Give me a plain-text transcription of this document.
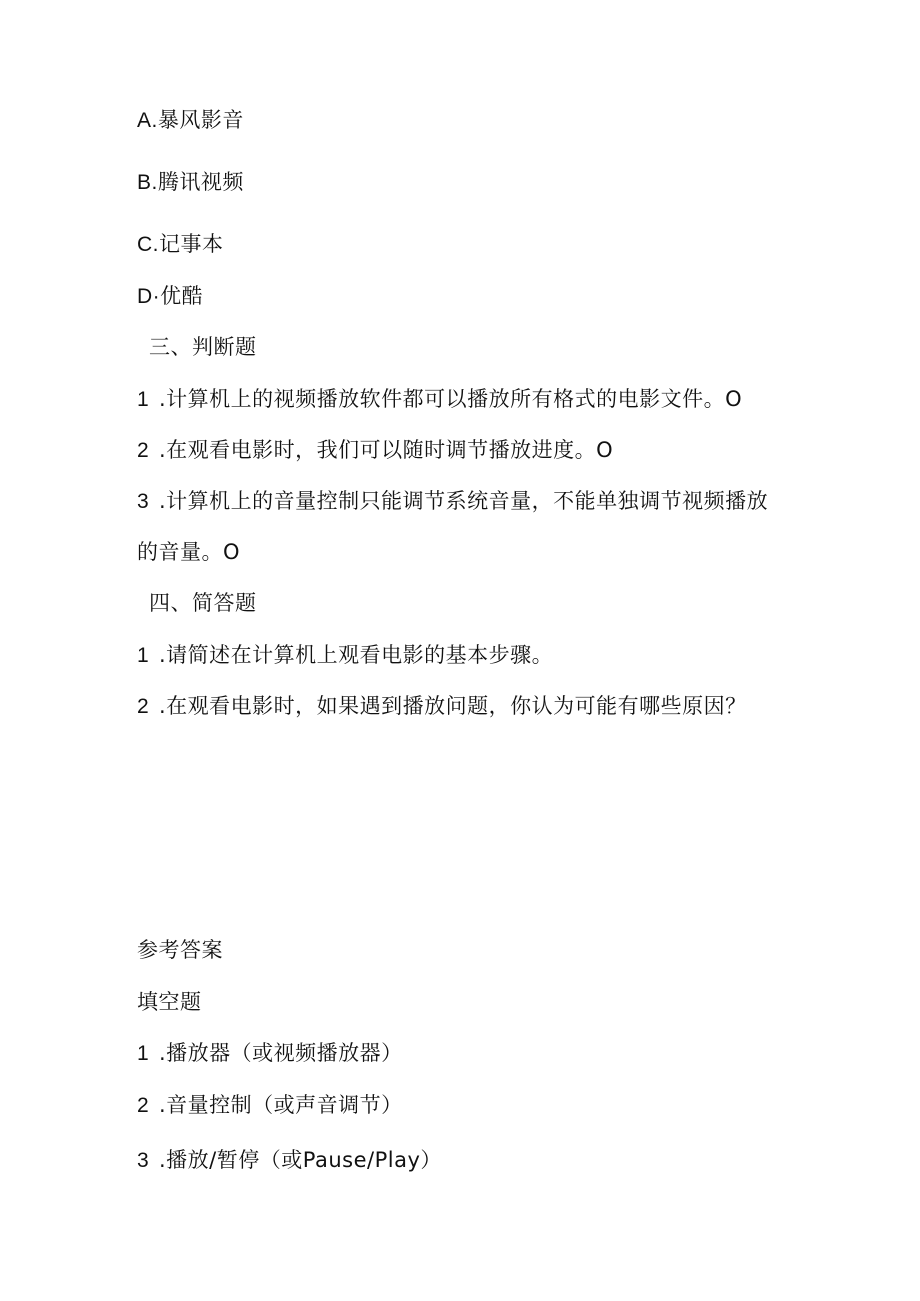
A.暴风影音
B.腾讯视频
C.记事本
D·优酷
三、判断题
1 .计算机上的视频播放软件都可以播放所有格式的电影文件。O
2 .在观看电影时，我们可以随时调节播放进度。O
3 .计算机上的音量控制只能调节系统音量，不能单独调节视频播放
的音量。O
四、简答题
1 .请简述在计算机上观看电影的基本步骤。
2 .在观看电影时，如果遇到播放问题，你认为可能有哪些原因？
参考答案
填空题
1 .播放器（或视频播放器）
2 .音量控制（或声音调节）
3 .播放/暂停（或Pause/Play）
